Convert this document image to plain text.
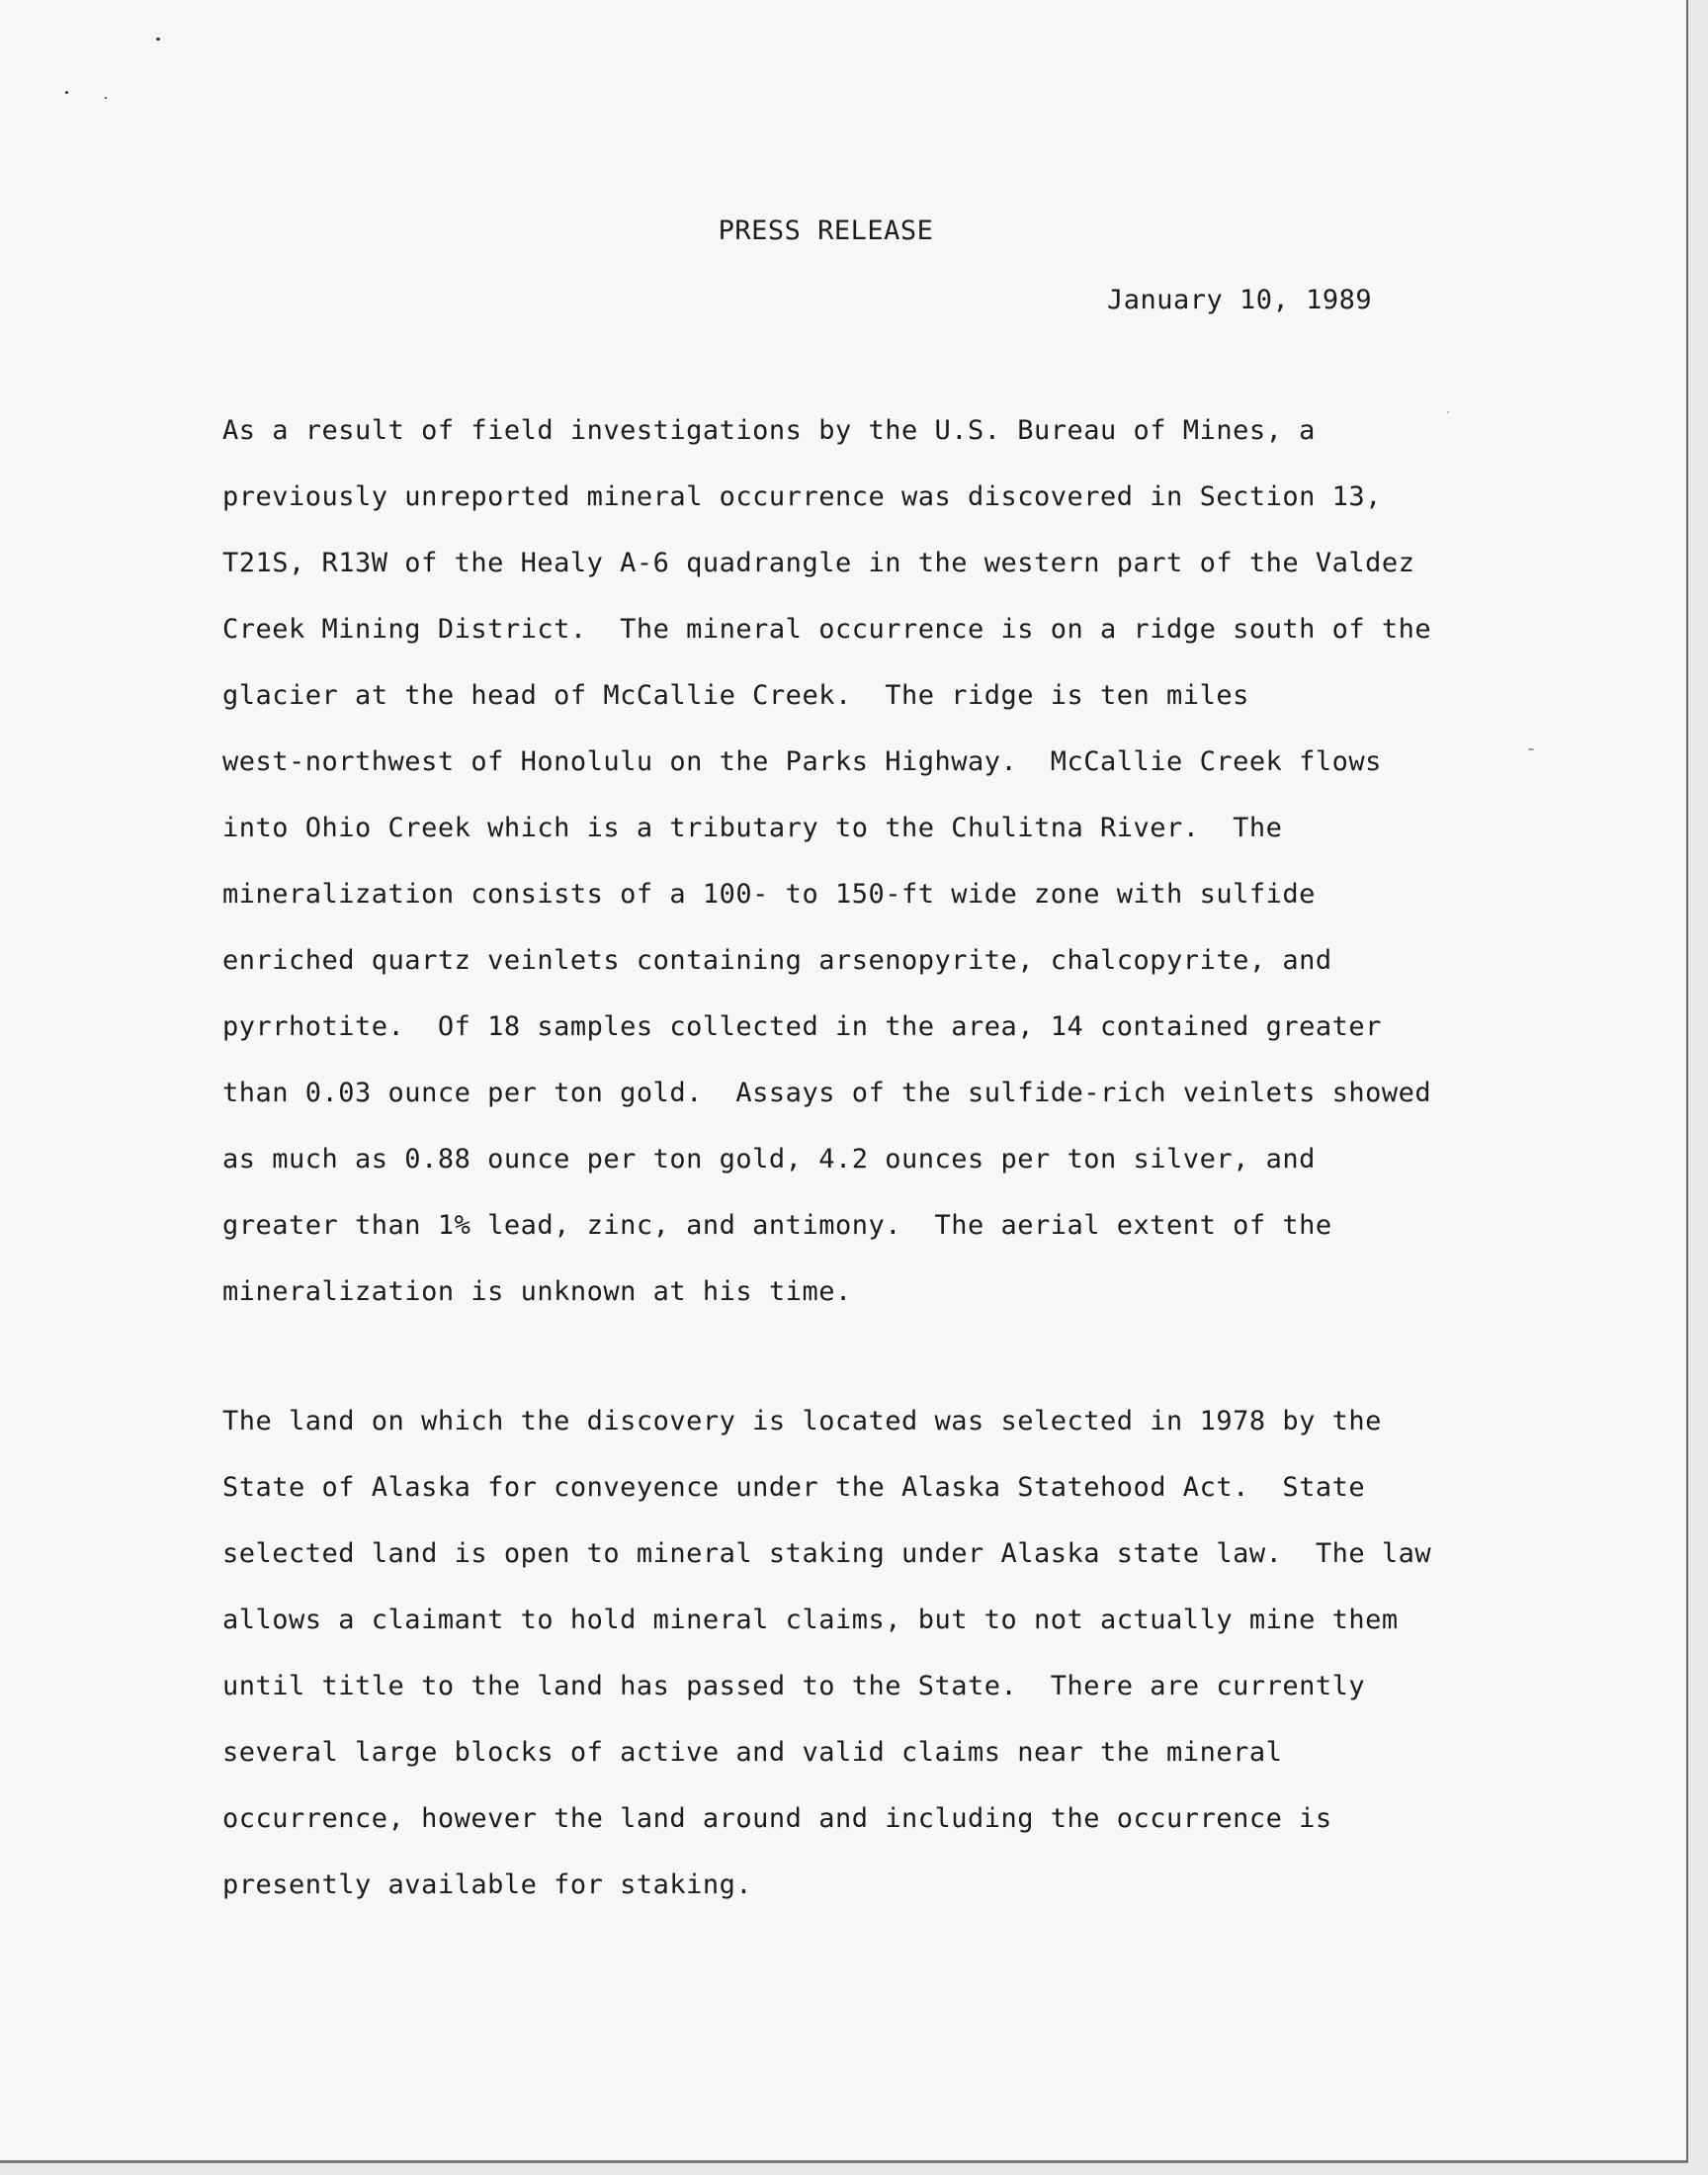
PRESS RELEASE
January 10, 1989
As a result of field investigations by the U.S. Bureau of Mines, a
previously unreported mineral occurrence was discovered in Section 13,
T21S, R13W of the Healy A-6 quadrangle in the western part of the Valdez
Creek Mining District.  The mineral occurrence is on a ridge south of the
glacier at the head of McCallie Creek.  The ridge is ten miles
west-northwest of Honolulu on the Parks Highway.  McCallie Creek flows
into Ohio Creek which is a tributary to the Chulitna River.  The
mineralization consists of a 100- to 150-ft wide zone with sulfide
enriched quartz veinlets containing arsenopyrite, chalcopyrite, and
pyrrhotite.  Of 18 samples collected in the area, 14 contained greater
than 0.03 ounce per ton gold.  Assays of the sulfide-rich veinlets showed
as much as 0.88 ounce per ton gold, 4.2 ounces per ton silver, and
greater than 1% lead, zinc, and antimony.  The aerial extent of the
mineralization is unknown at his time.
The land on which the discovery is located was selected in 1978 by the
State of Alaska for conveyence under the Alaska Statehood Act.  State
selected land is open to mineral staking under Alaska state law.  The law
allows a claimant to hold mineral claims, but to not actually mine them
until title to the land has passed to the State.  There are currently
several large blocks of active and valid claims near the mineral
occurrence, however the land around and including the occurrence is
presently available for staking.
